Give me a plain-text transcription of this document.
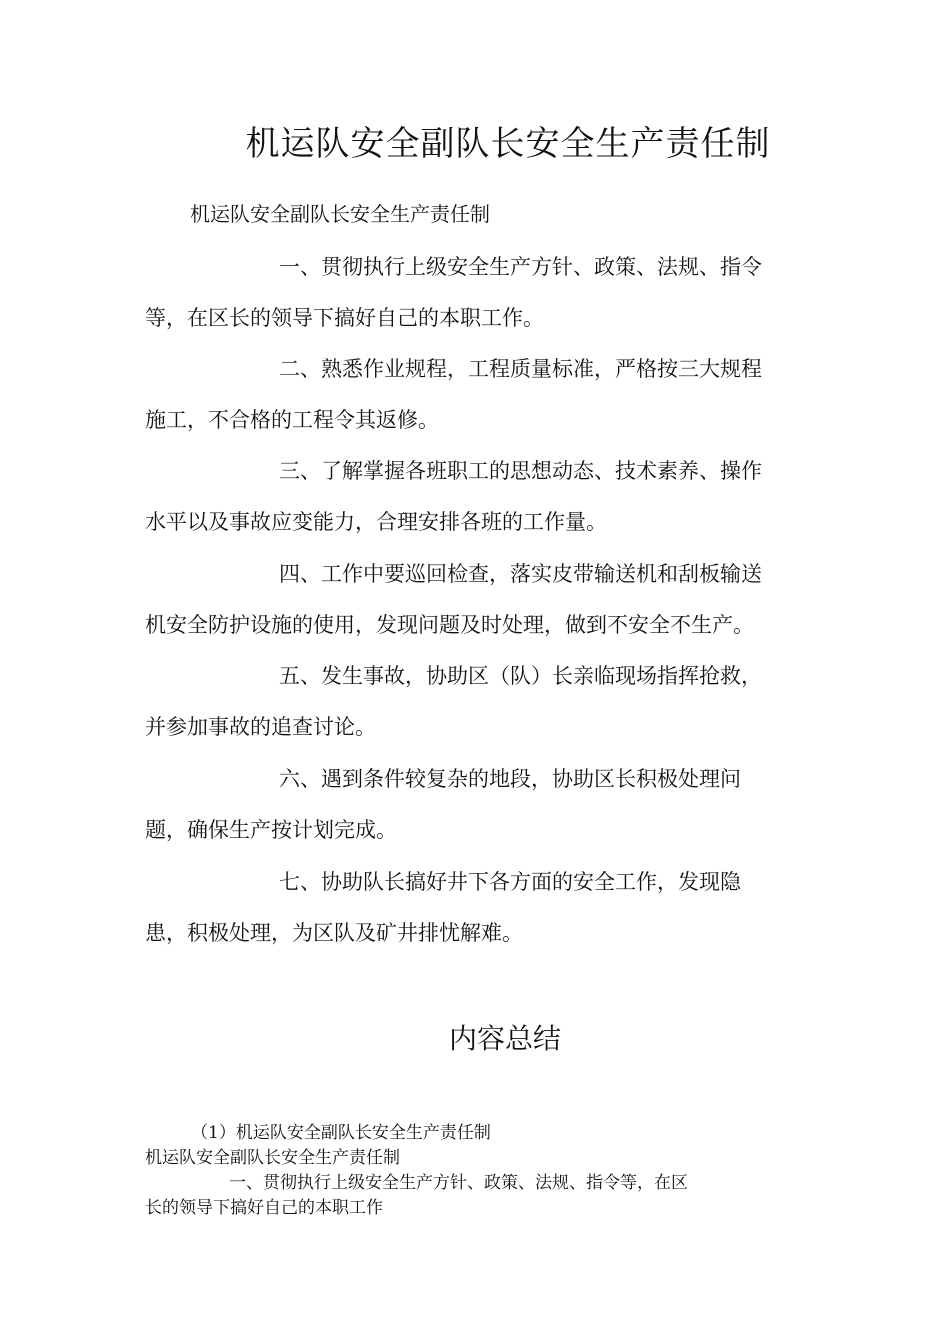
机运队安全副队长安全生产责任制
机运队安全副队长安全生产责任制
一、贯彻执行上级安全生产方针、政策、法规、指令
等，在区长的领导下搞好自己的本职工作。
二、熟悉作业规程，工程质量标准，严格按三大规程
施工，不合格的工程令其返修。
三、了解掌握各班职工的思想动态、技术素养、操作
水平以及事故应变能力，合理安排各班的工作量。
四、工作中要巡回检查，落实皮带输送机和刮板输送
机安全防护设施的使用，发现问题及时处理，做到不安全不生产。
五、发生事故，协助区（队）长亲临现场指挥抢救，
并参加事故的追查讨论。
六、遇到条件较复杂的地段，协助区长积极处理问
题，确保生产按计划完成。
七、协助队长搞好井下各方面的安全工作，发现隐
患，积极处理，为区队及矿井排忧解难。
内容总结
（1）机运队安全副队长安全生产责任制
机运队安全副队长安全生产责任制
一、贯彻执行上级安全生产方针、政策、法规、指令等，在区
长的领导下搞好自己的本职工作
